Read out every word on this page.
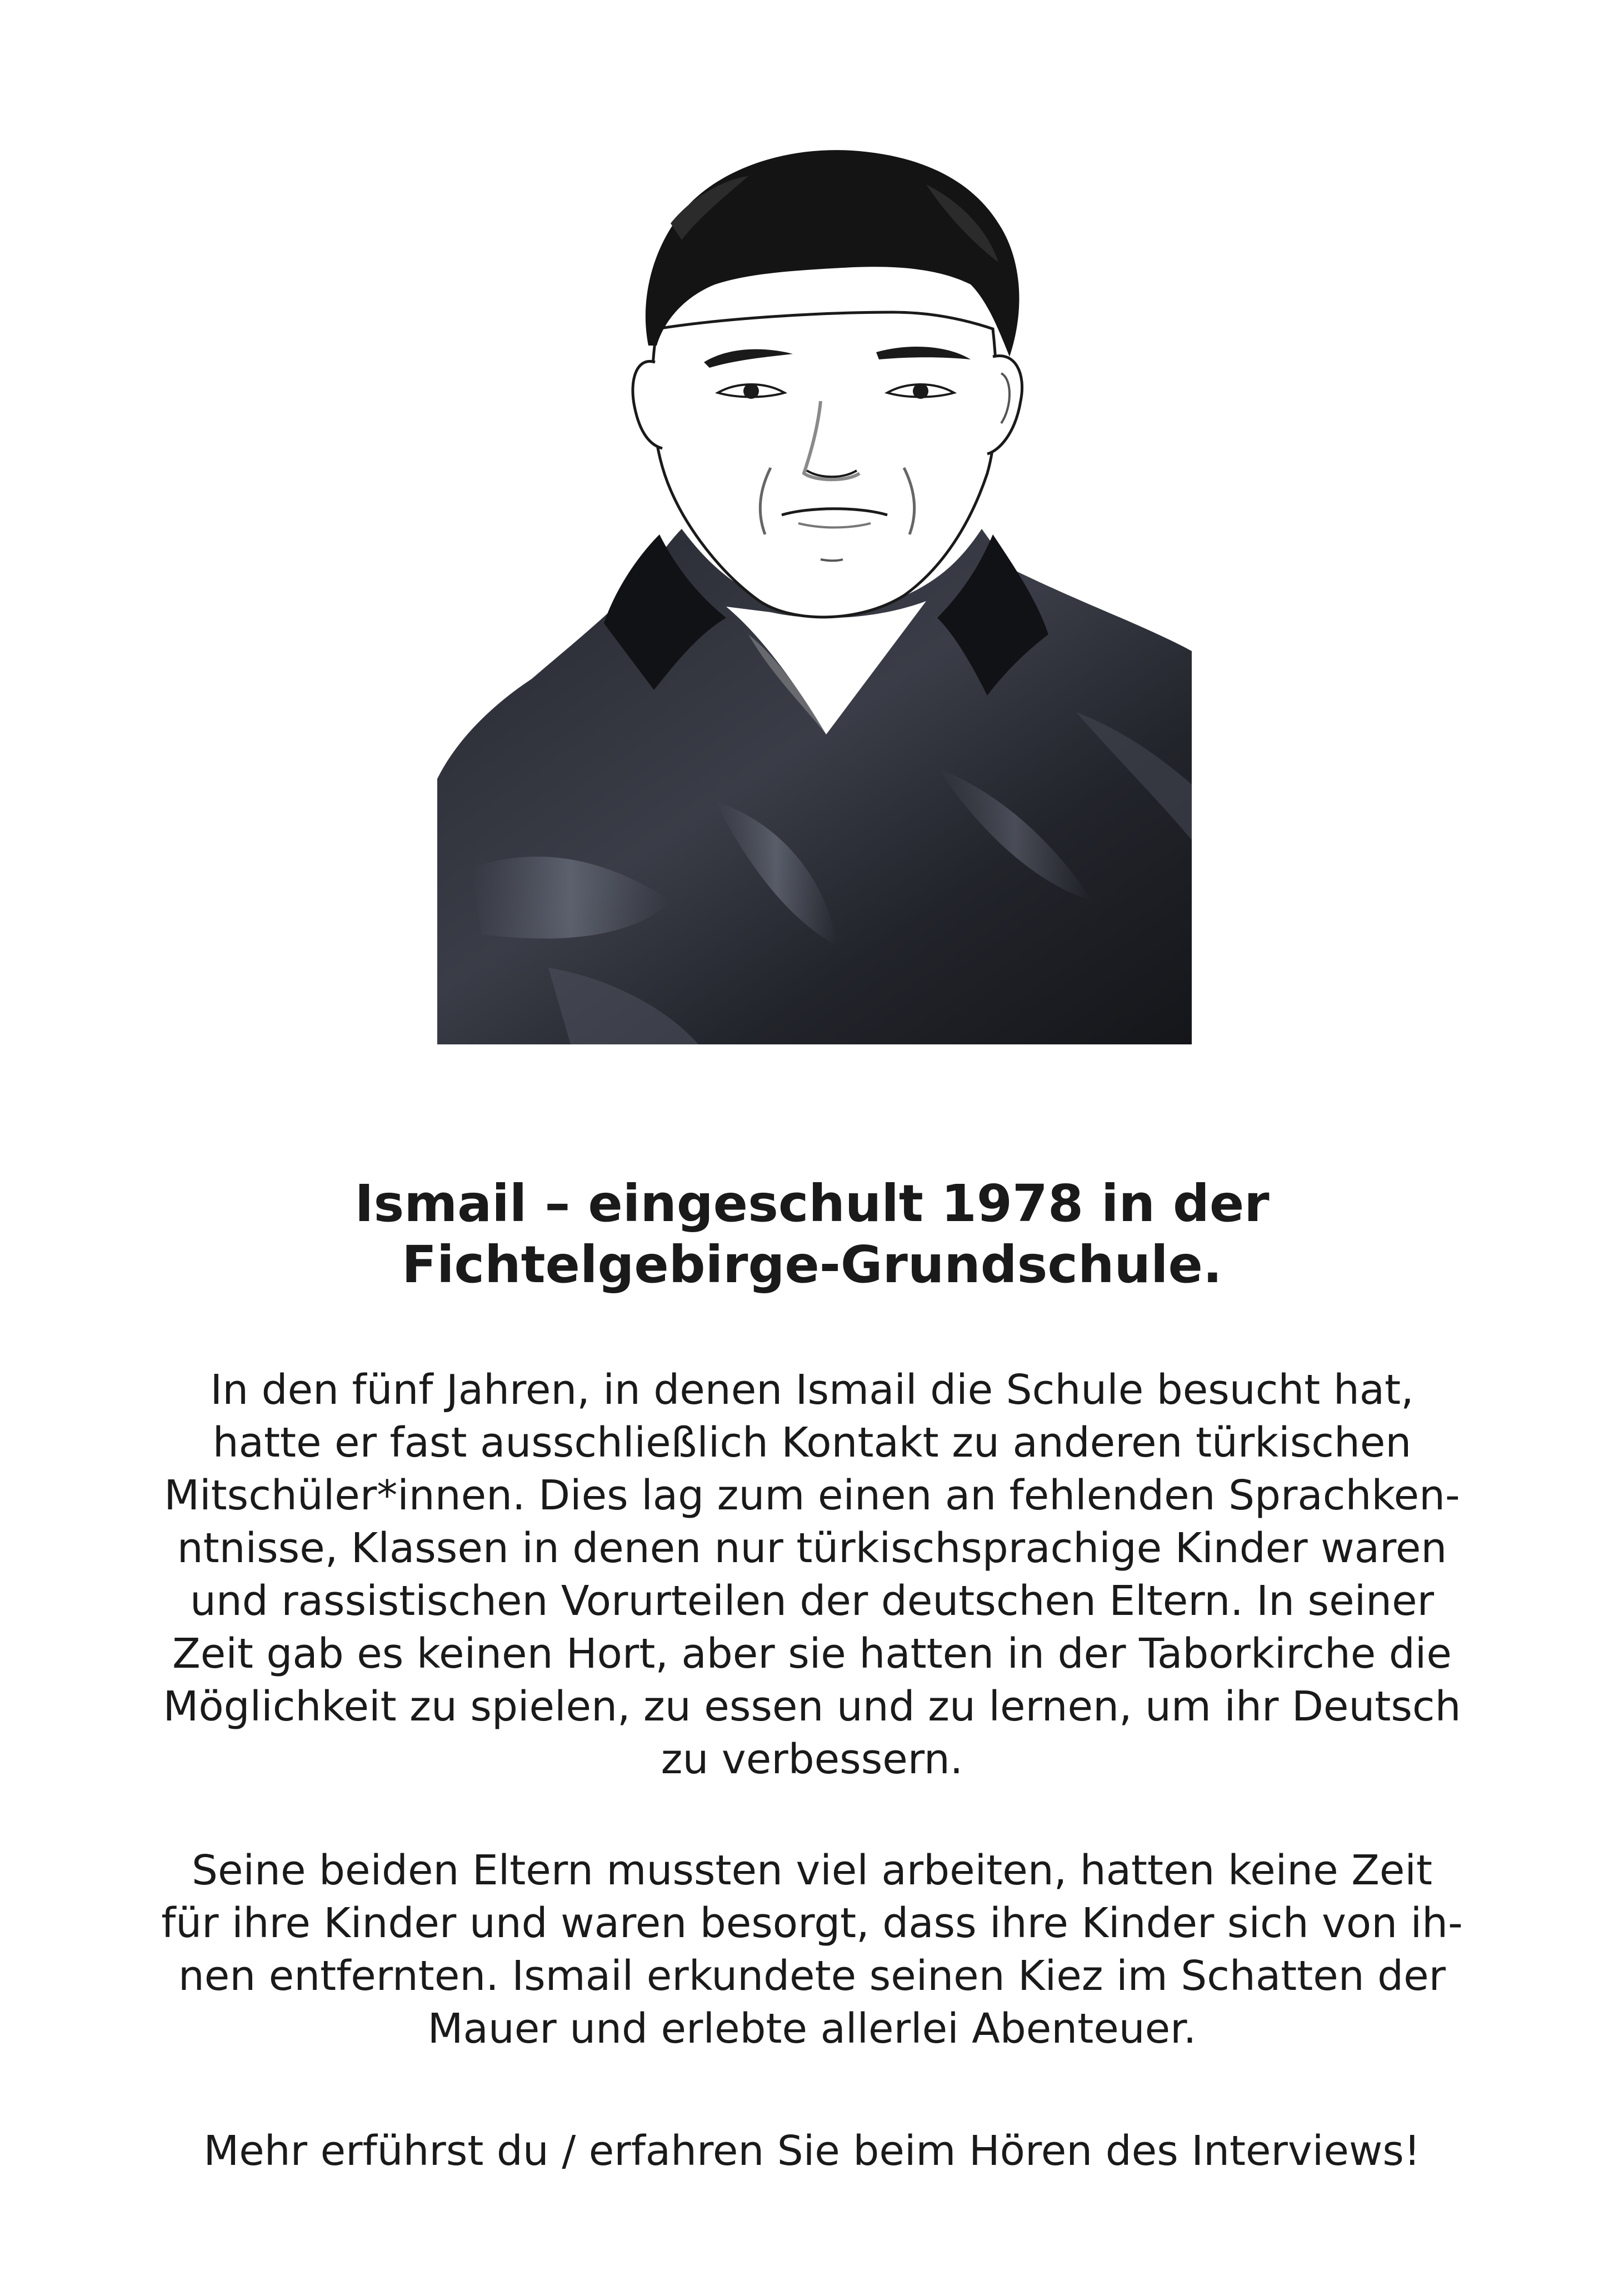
Ismail – eingeschult 1978 in der
Fichtelgebirge-Grundschule.

In den fünf Jahren, in denen Ismail die Schule besucht hat,
hatte er fast ausschließlich Kontakt zu anderen türkischen
Mitschüler*innen. Dies lag zum einen an fehlenden Sprachken-
ntnisse, Klassen in denen nur türkischsprachige Kinder waren
und rassistischen Vorurteilen der deutschen Eltern. In seiner
Zeit gab es keinen Hort, aber sie hatten in der Taborkirche die
Möglichkeit zu spielen, zu essen und zu lernen, um ihr Deutsch
zu verbessern.

Seine beiden Eltern mussten viel arbeiten, hatten keine Zeit
für ihre Kinder und waren besorgt, dass ihre Kinder sich von ih-
nen entfernten. Ismail erkundete seinen Kiez im Schatten der
Mauer und erlebte allerlei Abenteuer.

Mehr erführst du / erfahren Sie beim Hören des Interviews!
